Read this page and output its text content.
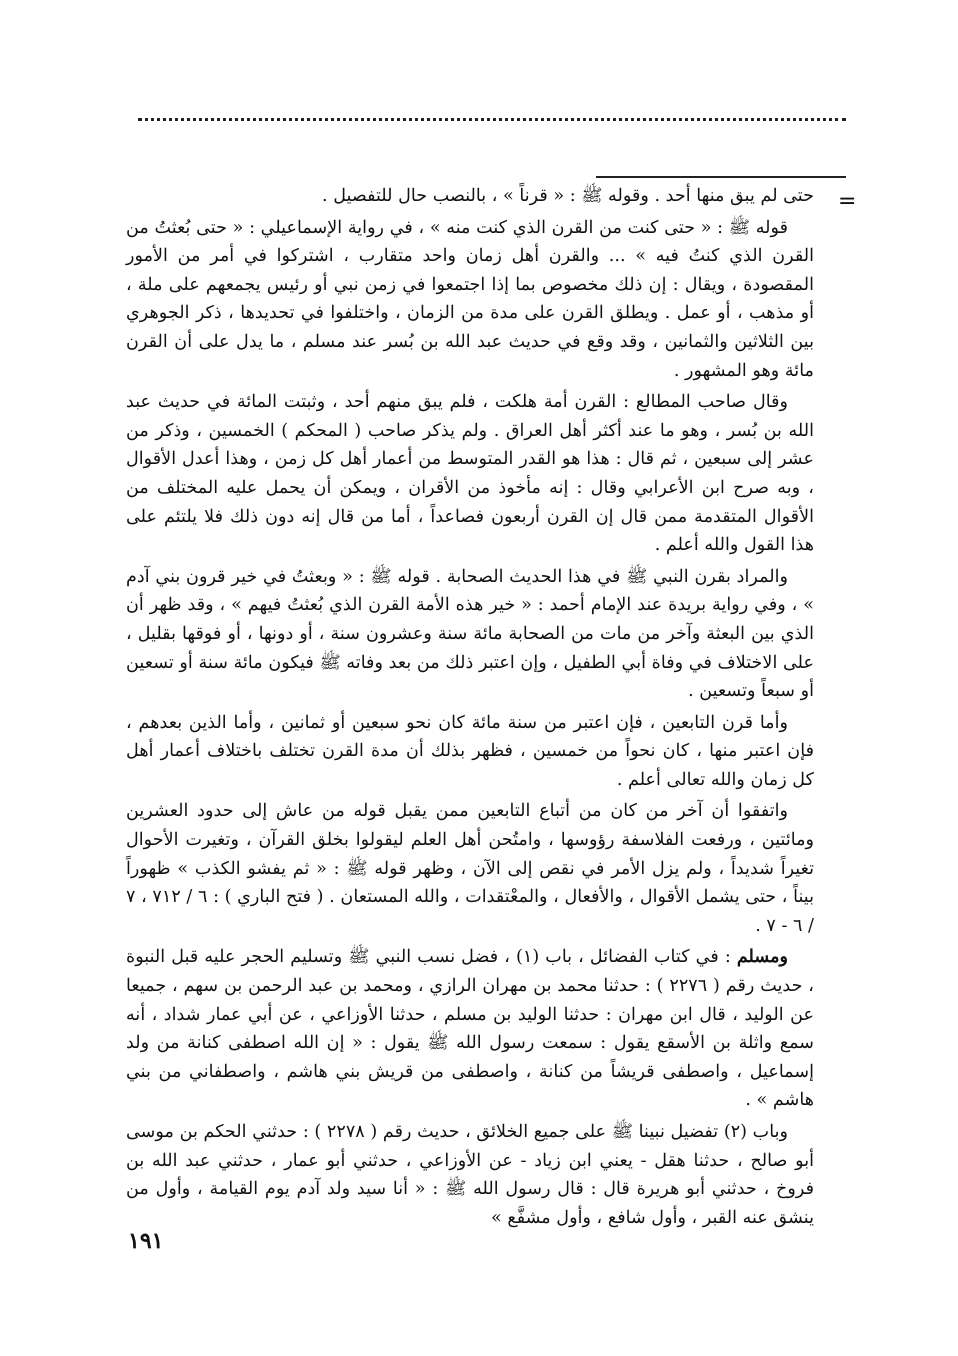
=

حتى لم يبق منها أحد . وقوله ﷺ : « قرناً » ، بالنصب حال للتفصيل .

قوله ﷺ : « حتى كنت من القرن الذي كنت منه » ، في رواية الإسماعيلي : « حتى بُعثتُ من القرن الذي كنتُ فيه » ... والقرن أهل زمان واحد متقارب ، اشتركوا في أمر من الأمور المقصودة ، ويقال : إن ذلك مخصوص بما إذا اجتمعوا في زمن نبي أو رئيس يجمعهم على ملة ، أو مذهب ، أو عمل . ويطلق القرن على مدة من الزمان ، واختلفوا في تحديدها ، ذكر الجوهري بين الثلاثين والثمانين ، وقد وقع في حديث عبد الله بن بُسر عند مسلم ، ما يدل على أن القرن مائة وهو المشهور .

وقال صاحب المطالع : القرن أمة هلكت ، فلم يبق منهم أحد ، وثبتت المائة في حديث عبد الله بن بُسر ، وهو ما عند أكثر أهل العراق . ولم يذكر صاحب ( المحكم ) الخمسين ، وذكر من عشر إلى سبعين ، ثم قال : هذا هو القدر المتوسط من أعمار أهل كل زمن ، وهذا أعدل الأقوال ، وبه صرح ابن الأعرابي وقال : إنه مأخوذ من الأقران ، ويمكن أن يحمل عليه المختلف من الأقوال المتقدمة ممن قال إن القرن أربعون فصاعداً ، أما من قال إنه دون ذلك فلا يلتئم على هذا القول والله أعلم .

والمراد بقرن النبي ﷺ في هذا الحديث الصحابة . قوله ﷺ : « وبعثتُ في خير قرون بني آدم » ، وفي رواية بريدة عند الإمام أحمد : « خير هذه الأمة القرن الذي بُعثتُ فيهم » ، وقد ظهر أن الذي بين البعثة وآخر من مات من الصحابة مائة سنة وعشرون سنة ، أو دونها ، أو فوقها بقليل ، على الاختلاف في وفاة أبي الطفيل ، وإن اعتبر ذلك من بعد وفاته ﷺ فيكون مائة سنة أو تسعين أو سبعاً وتسعين .

وأما قرن التابعين ، فإن اعتبر من سنة مائة كان نحو سبعين أو ثمانين ، وأما الذين بعدهم ، فإن اعتبر منها ، كان نحواً من خمسين ، فظهر بذلك أن مدة القرن تختلف باختلاف أعمار أهل كل زمان والله تعالى أعلم .

واتفقوا أن آخر من كان من أتباع التابعين ممن يقبل قوله من عاش إلى حدود العشرين ومائتين ، ورفعت الفلاسفة رؤوسها ، وامتُحن أهل العلم ليقولوا بخلق القرآن ، وتغيرت الأحوال تغيراً شديداً ، ولم يزل الأمر في نقص إلى الآن ، وظهر قوله ﷺ : « ثم يفشو الكذب » ظهوراً بيناً ، حتى يشمل الأقوال ، والأفعال ، والمعْتقدات ، والله المستعان . ( فتح الباري ) : ٦ / ٧١٢ ، ٧ / ٦ - ٧ .

ومسلم : في كتاب الفضائل ، باب (١) ، فضل نسب النبي ﷺ وتسليم الحجر عليه قبل النبوة ، حديث رقم ( ٢٢٧٦ ) : حدثنا محمد بن مهران الرازي ، ومحمد بن عبد الرحمن بن سهم ، جميعا عن الوليد ، قال ابن مهران : حدثنا الوليد بن مسلم ، حدثنا الأوزاعي ، عن أبي عمار شداد ، أنه سمع واثلة بن الأسقع يقول : سمعت رسول الله ﷺ يقول : « إن الله اصطفى كنانة من ولد إسماعيل ، واصطفى قريشاً من كنانة ، واصطفى من قريش بني هاشم ، واصطفاني من بني هاشم » .

وباب (٢) تفضيل نبينا ﷺ على جميع الخلائق ، حديث رقم ( ٢٢٧٨ ) : حدثني الحكم بن موسى أبو صالح ، حدثنا هقل - يعني ابن زياد - عن الأوزاعي ، حدثني أبو عمار ، حدثني عبد الله بن فروخ ، حدثني أبو هريرة قال : قال رسول الله ﷺ : « أنا سيد ولد آدم يوم القيامة ، وأول من ينشق عنه القبر ، وأول شافع ، وأول مشفَّع »

١٩١
